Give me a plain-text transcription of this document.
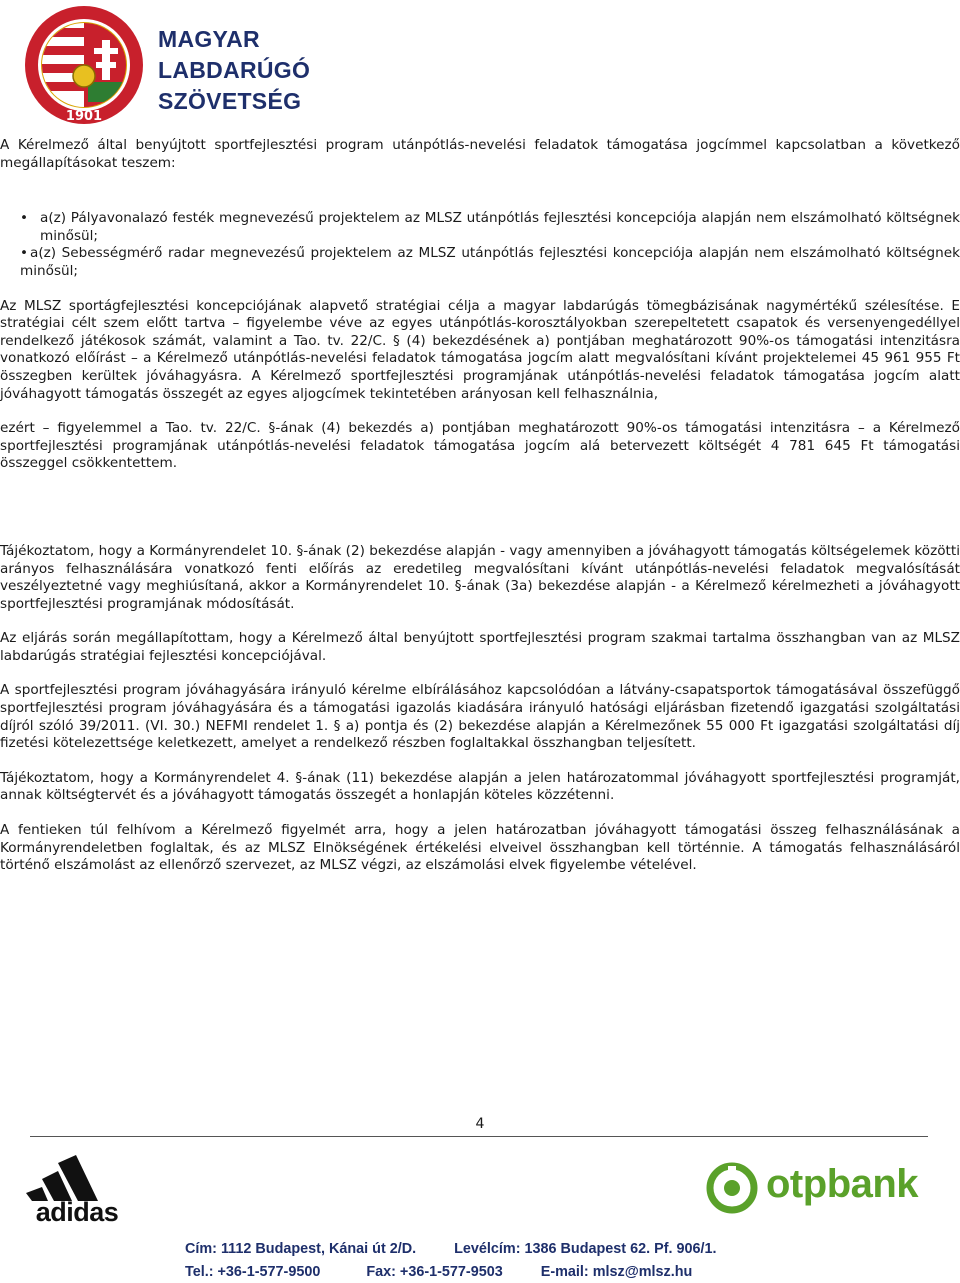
1901
MAGYAR
LABDARÚGÓ
SZÖVETSÉG

A Kérelmező által benyújtott sportfejlesztési program utánpótlás-nevelési feladatok támogatása jogcímmel kapcsolatban a következő megállapításokat teszem:

• a(z) Pályavonalazó festék megnevezésű projektelem az MLSZ utánpótlás fejlesztési koncepciója alapján nem elszámolható költségnek minősül;
• a(z) Sebességmérő radar megnevezésű projektelem az MLSZ utánpótlás fejlesztési koncepciója alapján nem elszámolható költségnek minősül;

Az MLSZ sportágfejlesztési koncepciójának alapvető stratégiai célja a magyar labdarúgás tömegbázisának nagymértékű szélesítése. E stratégiai célt szem előtt tartva – figyelembe véve az egyes utánpótlás-korosztályokban szerepeltetett csapatok és versenyengedéllyel rendelkező játékosok számát, valamint a Tao. tv. 22/C. § (4) bekezdésének a) pontjában meghatározott 90%-os támogatási intenzitásra vonatkozó előírást – a Kérelmező utánpótlás-nevelési feladatok támogatása jogcím alatt megvalósítani kívánt projektelemei 45 961 955 Ft összegben kerültek jóváhagyásra. A Kérelmező sportfejlesztési programjának utánpótlás-nevelési feladatok támogatása jogcím alatt jóváhagyott támogatás összegét az egyes aljogcímek tekintetében arányosan kell felhasználnia,

ezért – figyelemmel a Tao. tv. 22/C. §-ának (4) bekezdés a) pontjában meghatározott 90%-os támogatási intenzitásra – a Kérelmező sportfejlesztési programjának utánpótlás-nevelési feladatok támogatása jogcím alá betervezett költségét 4 781 645 Ft támogatási összeggel csökkentettem.

Tájékoztatom, hogy a Kormányrendelet 10. §-ának (2) bekezdése alapján - vagy amennyiben a jóváhagyott támogatás költségelemek közötti arányos felhasználására vonatkozó fenti előírás az eredetileg megvalósítani kívánt utánpótlás-nevelési feladatok megvalósítását veszélyeztetné vagy meghiúsítaná, akkor a Kormányrendelet 10. §-ának (3a) bekezdése alapján - a Kérelmező kérelmezheti a jóváhagyott sportfejlesztési programjának módosítását.

Az eljárás során megállapítottam, hogy a Kérelmező által benyújtott sportfejlesztési program szakmai tartalma összhangban van az MLSZ labdarúgás stratégiai fejlesztési koncepciójával.

A sportfejlesztési program jóváhagyására irányuló kérelme elbírálásához kapcsolódóan a látvány-csapatsportok támogatásával összefüggő sportfejlesztési program jóváhagyására és a támogatási igazolás kiadására irányuló hatósági eljárásban fizetendő igazgatási szolgáltatási díjról szóló 39/2011. (VI. 30.) NEFMI rendelet 1. § a) pontja és (2) bekezdése alapján a Kérelmezőnek 55 000 Ft igazgatási szolgáltatási díj fizetési kötelezettsége keletkezett, amelyet a rendelkező részben foglaltakkal összhangban teljesített.

Tájékoztatom, hogy a Kormányrendelet 4. §-ának (11) bekezdése alapján a jelen határozatommal jóváhagyott sportfejlesztési programját, annak költségtervét és a jóváhagyott támogatás összegét a honlapján köteles közzétenni.

A fentieken túl felhívom a Kérelmező figyelmét arra, hogy a jelen határozatban jóváhagyott támogatási összeg felhasználásának a Kormányrendeletben foglaltak, és az MLSZ Elnökségének értékelési elveivel összhangban kell történnie. A támogatás felhasználásáról történő elszámolást az ellenőrző szervezet, az MLSZ végzi, az elszámolási elvek figyelembe vételével.

4
adidas
otpbank
Cím: 1112 Budapest, Kánai út 2/D.	Levélcím: 1386 Budapest 62. Pf. 906/1.
Tel.: +36-1-577-9500	Fax: +36-1-577-9503	E-mail: mlsz@mlsz.hu
